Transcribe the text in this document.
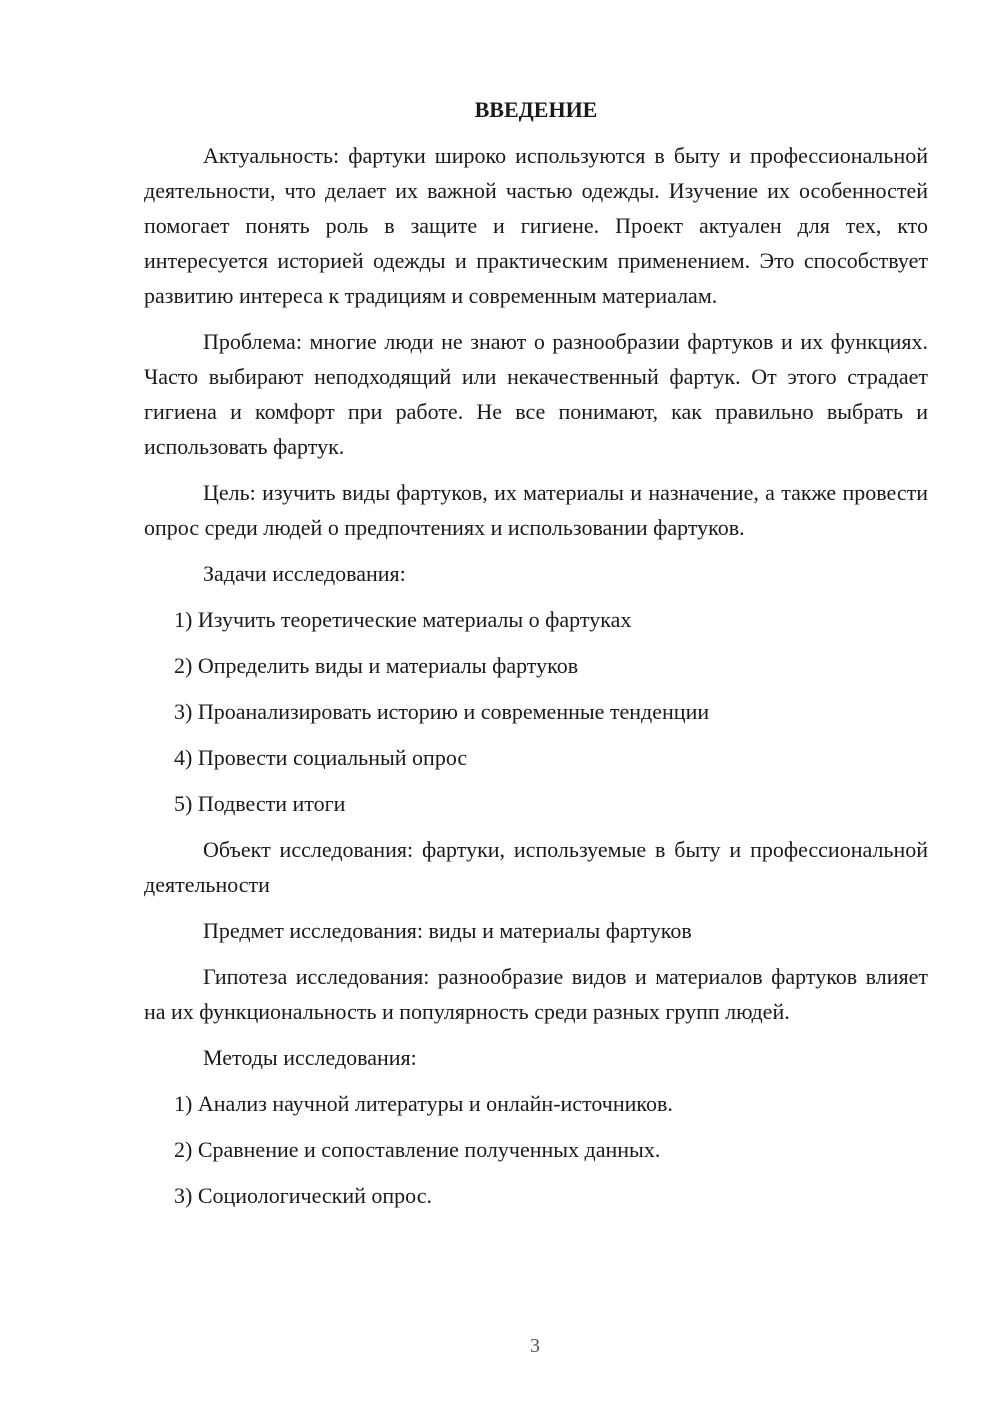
ВВЕДЕНИЕ

Актуальность: фартуки широко используются в быту и профессиональной деятельности, что делает их важной частью одежды. Изучение их особенностей помогает понять роль в защите и гигиене. Проект актуален для тех, кто интересуется историей одежды и практическим применением. Это способствует развитию интереса к традициям и современным материалам.

Проблема: многие люди не знают о разнообразии фартуков и их функциях. Часто выбирают неподходящий или некачественный фартук. От этого страдает гигиена и комфорт при работе. Не все понимают, как правильно выбрать и использовать фартук.

Цель: изучить виды фартуков, их материалы и назначение, а также провести опрос среди людей о предпочтениях и использовании фартуков.

Задачи исследования:

1) Изучить теоретические материалы о фартуках
2) Определить виды и материалы фартуков
3) Проанализировать историю и современные тенденции
4) Провести социальный опрос
5) Подвести итоги

Объект исследования: фартуки, используемые в быту и профессиональной деятельности

Предмет исследования: виды и материалы фартуков

Гипотеза исследования: разнообразие видов и материалов фартуков влияет на их функциональность и популярность среди разных групп людей.

Методы исследования:

1) Анализ научной литературы и онлайн-источников.
2) Сравнение и сопоставление полученных данных.
3) Социологический опрос.
3
